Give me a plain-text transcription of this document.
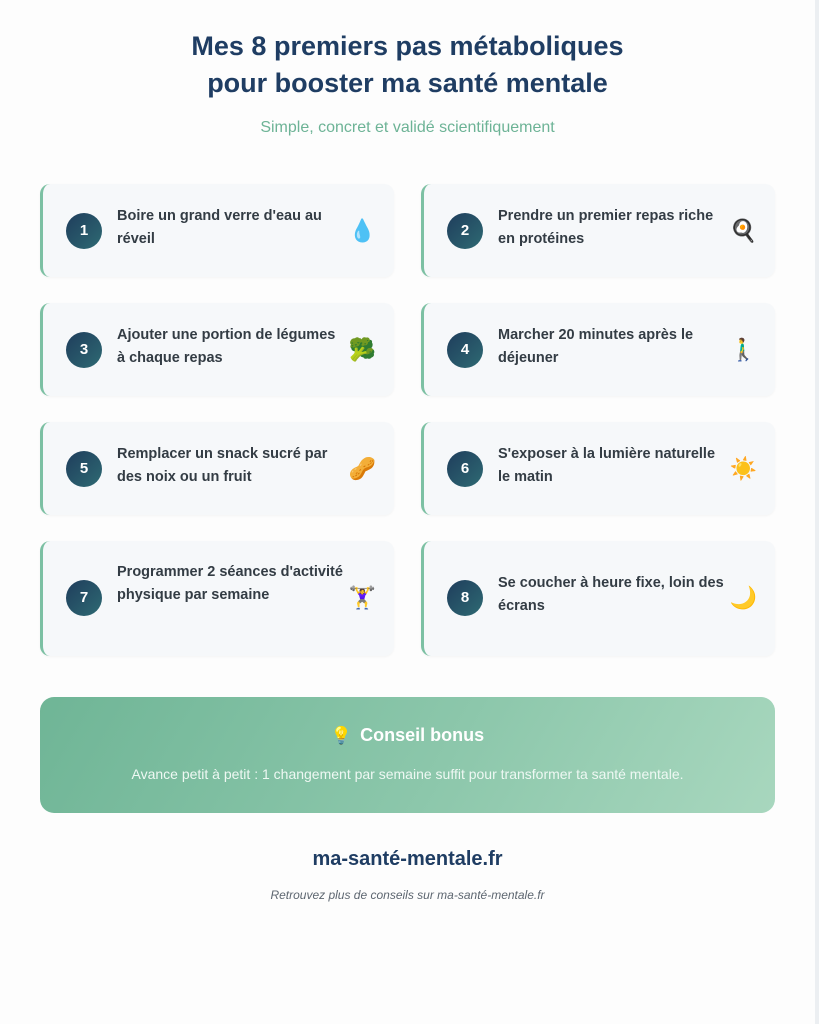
Mes 8 premiers pas métaboliques
pour booster ma santé mentale
Simple, concret et validé scientifiquement
1
Boire un grand verre d'eau au réveil	💧	2
Prendre un premier repas riche en protéines	🍳
3
Ajouter une portion de légumes à chaque repas	🥦	4
Marcher 20 minutes après le déjeuner	🚶‍♂️
5
Remplacer un snack sucré par des noix ou un fruit	🥜	6
S'exposer à la lumière naturelle le matin	☀️
7
Programmer 2 séances d'activité physique par semaine	🏋️‍♀️	8
Se coucher à heure fixe, loin des écrans	🌙
💡 Conseil bonus
Avance petit à petit : 1 changement par semaine suffit pour transformer ta santé mentale.
ma-santé-mentale.fr
Retrouvez plus de conseils sur ma-santé-mentale.fr
